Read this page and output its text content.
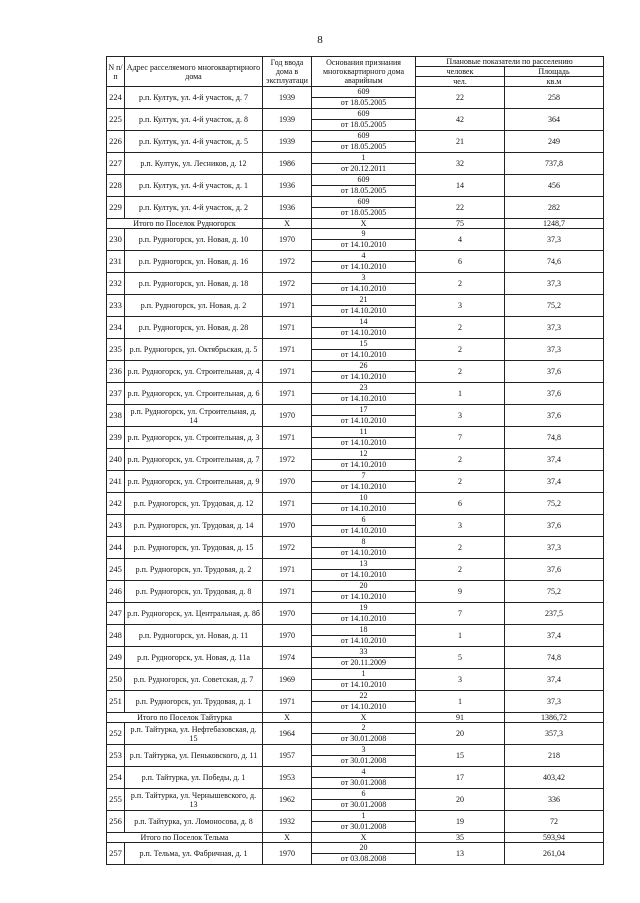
8
N п/п	Адрес расселяемого многоквартирного дома	Год ввода дома в эксплуатаци	Основания признания многоквартирного дома аварийным	Плановые показатели по расселению	
				человек	Площадь
				чел.	кв.м
224	р.п. Култук, ул. 4-й участок, д. 7	1939	609
от 18.05.2005	22	258
225	р.п. Култук, ул. 4-й участок, д. 8	1939	609
от 18.05.2005	42	364
226	р.п. Култук, ул. 4-й участок, д. 5	1939	609
от 18.05.2005	21	249
227	р.п. Култук, ул. Лесников, д. 12	1986	1
от 20.12.2011	32	737,8
228	р.п. Култук, ул. 4-й участок, д. 1	1936	609
от 18.05.2005	14	456
229	р.п. Култук, ул. 4-й участок, д. 2	1936	609
от 18.05.2005	22	282
Итого по Поселок Рудногорск		Х	Х	75	1248,7
230	р.п. Рудногорск, ул. Новая, д. 10	1970	9
от 14.10.2010	4	37,3
231	р.п. Рудногорск, ул. Новая, д. 16	1972	4
от 14.10.2010	6	74,6
232	р.п. Рудногорск, ул. Новая, д. 18	1972	3
от 14.10.2010	2	37,3
233	р.п. Рудногорск, ул. Новая, д. 2	1971	21
от 14.10.2010	3	75,2
234	р.п. Рудногорск, ул. Новая, д. 28	1971	14
от 14.10.2010	2	37,3
235	р.п. Рудногорск, ул. Октябрьская, д. 5	1971	15
от 14.10.2010	2	37,3
236	р.п. Рудногорск, ул. Строительная, д. 4	1971	26
от 14.10.2010	2	37,6
237	р.п. Рудногорск, ул. Строительная, д. 6	1971	23
от 14.10.2010	1	37,6
238	р.п. Рудногорск, ул. Строительная, д. 14	1970	17
от 14.10.2010	3	37,6
239	р.п. Рудногорск, ул. Строительная, д. 3	1971	11
от 14.10.2010	7	74,8
240	р.п. Рудногорск, ул. Строительная, д. 7	1972	12
от 14.10.2010	2	37,4
241	р.п. Рудногорск, ул. Строительная, д. 9	1970	7
от 14.10.2010	2	37,4
242	р.п. Рудногорск, ул. Трудовая, д. 12	1971	10
от 14.10.2010	6	75,2
243	р.п. Рудногорск, ул. Трудовая, д. 14	1970	6
от 14.10.2010	3	37,6
244	р.п. Рудногорск, ул. Трудовая, д. 15	1972	8
от 14.10.2010	2	37,3
245	р.п. Рудногорск, ул. Трудовая, д. 2	1971	13
от 14.10.2010	2	37,6
246	р.п. Рудногорск, ул. Трудовая, д. 8	1971	20
от 14.10.2010	9	75,2
247	р.п. Рудногорск, ул. Центральная, д. 8б	1970	19
от 14.10.2010	7	237,5
248	р.п. Рудногорск, ул. Новая, д. 11	1970	18
от 14.10.2010	1	37,4
249	р.п. Рудногорск, ул. Новая, д. 11а	1974	33
от 20.11.2009	5	74,8
250	р.п. Рудногорск, ул. Советская, д. 7	1969	1
от 14.10.2010	3	37,4
251	р.п. Рудногорск, ул. Трудовая, д. 1	1971	22
от 14.10.2010	1	37,3
Итого по Поселок Тайтурка		Х	Х	91	1386,72
252	р.п. Тайтурка, ул. Нефтебазовская, д. 15	1964	2
от 30.01.2008	20	357,3
253	р.п. Тайтурка, ул. Пеньковского, д. 11	1957	3
от 30.01.2008	15	218
254	р.п. Тайтурка, ул. Победы, д. 1	1953	4
от 30.01.2008	17	403,42
255	р.п. Тайтурка, ул. Чернышевского, д. 13	1962	6
от 30.01.2008	20	336
256	р.п. Тайтурка, ул. Ломоносова, д. 8	1932	1
от 30.01.2008	19	72
Итого по Поселок Тельма		Х	Х	35	593,94
257	р.п. Тельма, ул. Фабричная, д. 1	1970	20
от 03.08.2008	13	261,04
